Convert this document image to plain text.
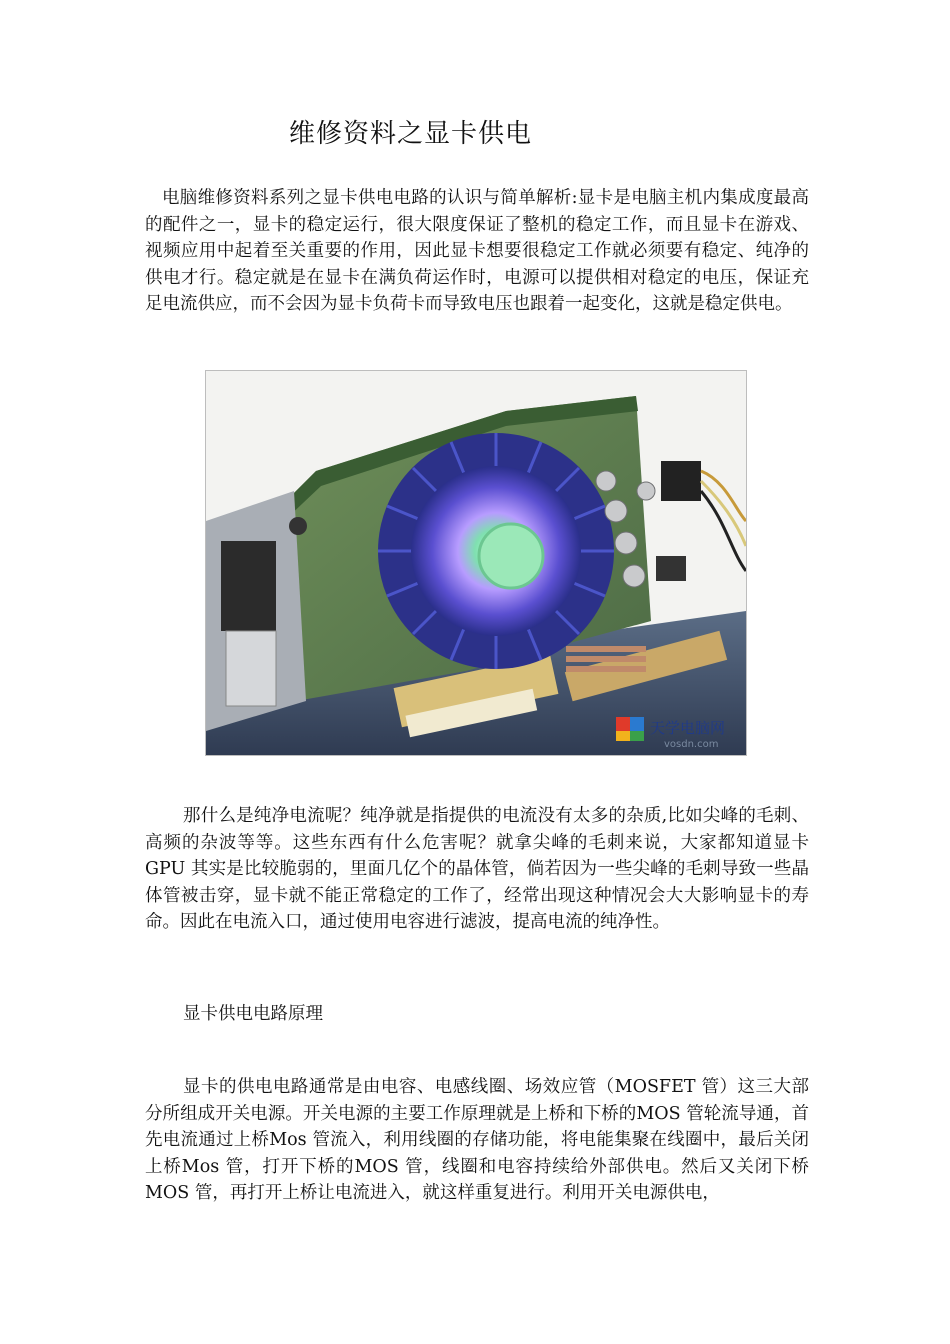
维修资料之显卡供电

电脑维修资料系列之显卡供电电路的认识与简单解析:显卡是电脑主机内集成度最高的配件之一，显卡的稳定运行，很大限度保证了整机的稳定工作，而且显卡在游戏、视频应用中起着至关重要的作用，因此显卡想要很稳定工作就必须要有稳定、纯净的供电才行。稳定就是在显卡在满负荷运作时，电源可以提供相对稳定的电压，保证充足电流供应，而不会因为显卡负荷卡而导致电压也跟着一起变化，这就是稳定供电。

天学电脑网
vosdn.com

那什么是纯净电流呢？纯净就是指提供的电流没有太多的杂质,比如尖峰的毛刺、高频的杂波等等。这些东西有什么危害呢？就拿尖峰的毛刺来说，大家都知道显卡 GPU 其实是比较脆弱的，里面几亿个的晶体管，倘若因为一些尖峰的毛刺导致一些晶体管被击穿，显卡就不能正常稳定的工作了，经常出现这种情况会大大影响显卡的寿命。因此在电流入口，通过使用电容进行滤波，提高电流的纯净性。

显卡供电电路原理

显卡的供电电路通常是由电容、电感线圈、场效应管（MOSFET 管）这三大部分所组成开关电源。开关电源的主要工作原理就是上桥和下桥的MOS 管轮流导通，首先电流通过上桥Mos 管流入，利用线圈的存储功能，将电能集聚在线圈中，最后关闭上桥Mos 管，打开下桥的MOS 管，线圈和电容持续给外部供电。然后又关闭下桥MOS 管，再打开上桥让电流进入，就这样重复进行。利用开关电源供电，
